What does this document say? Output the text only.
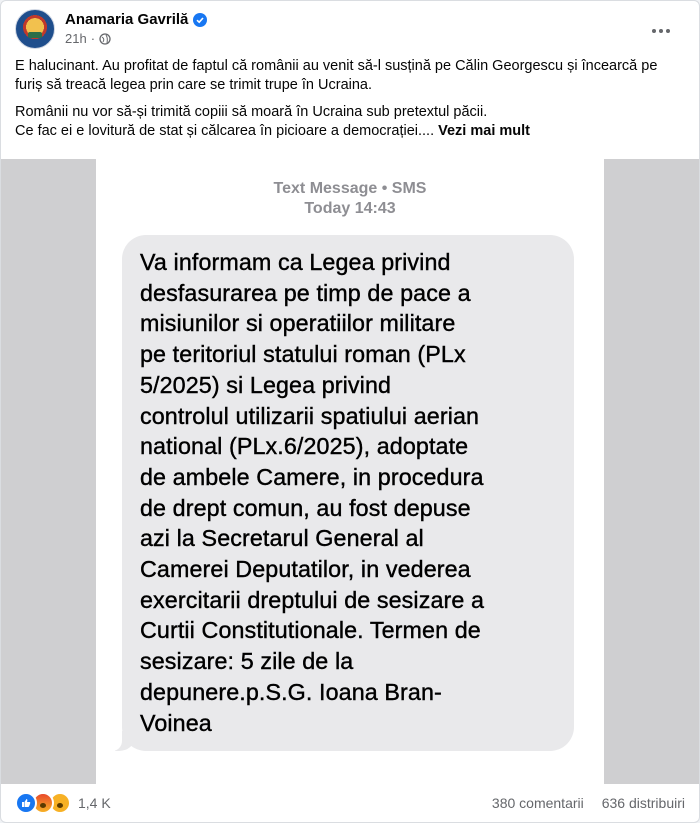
Anamaria Gavrilă
21h ·

E halucinant. Au profitat de faptul că românii au venit să-l susțină pe Călin Georgescu și încearcă pe furiș să treacă legea prin care se trimit trupe în Ucraina.

Românii nu vor să-și trimită copiii să moară în Ucraina sub pretextul păcii.
Ce fac ei e lovitură de stat și călcarea în picioare a democrației.... Vezi mai mult

Text Message • SMS
Today 14:43
Va informam ca Legea privind
desfasurarea pe timp de pace a
misiunilor si operatiilor militare
pe teritoriul statului roman (PLx
5/2025) si Legea privind
controlul utilizarii spatiului aerian
national (PLx.6/2025), adoptate
de ambele Camere, in procedura
de drept comun, au fost depuse
azi la Secretarul General al
Camerei Deputatilor, in vederea
exercitarii dreptului de sesizare a
Curtii Constitutionale. Termen de
sesizare: 5 zile de la
depunere.p.S.G. Ioana Bran-
Voinea
1,4 K	380 comentarii 636 distribuiri
